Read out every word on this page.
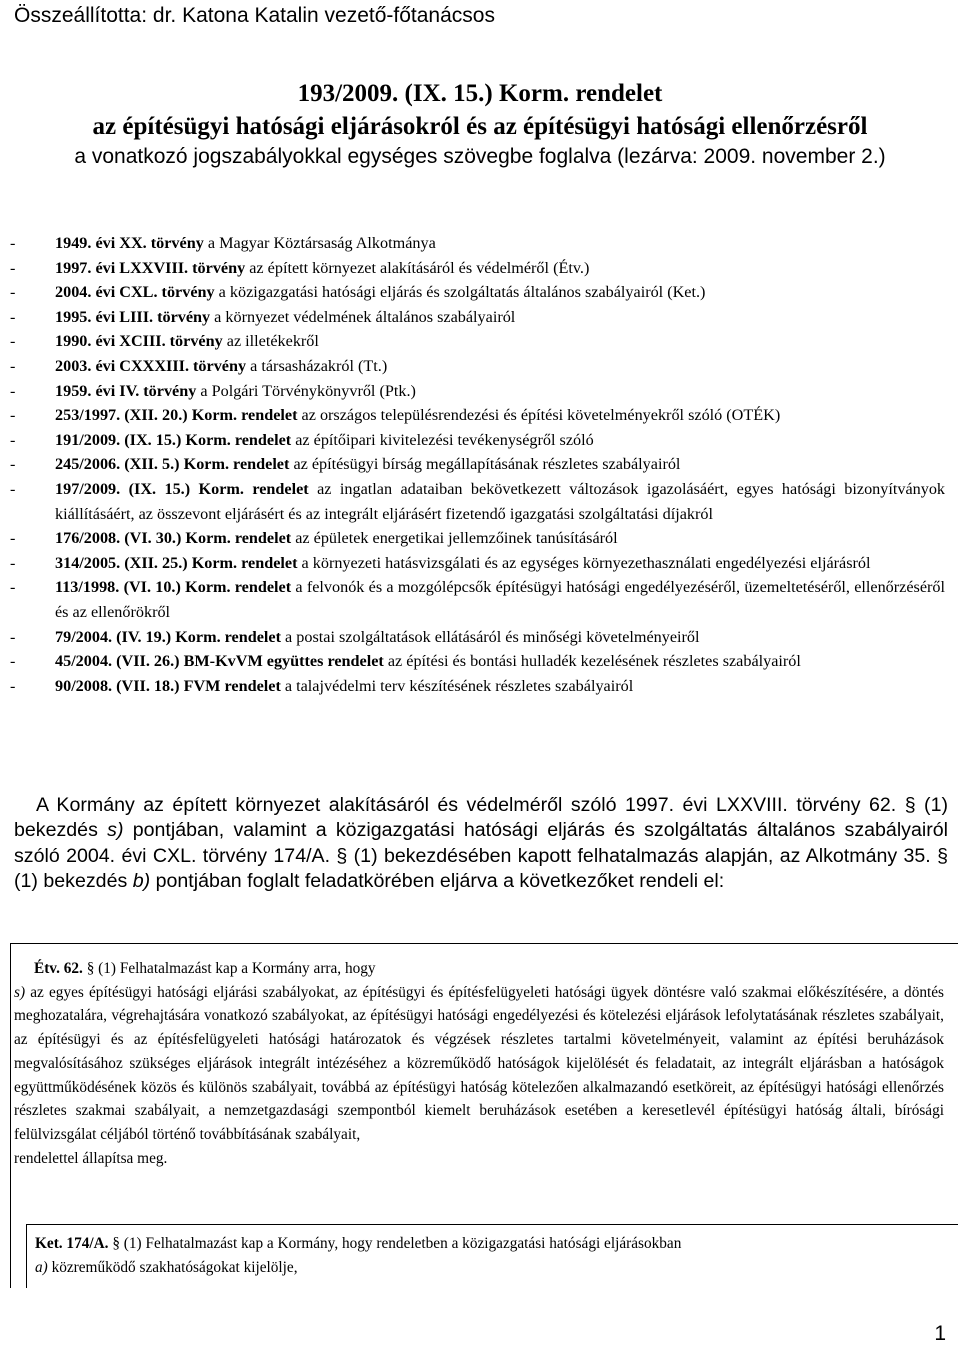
Összeállította: dr. Katona Katalin vezető-főtanácsos
193/2009. (IX. 15.) Korm. rendelet
az építésügyi hatósági eljárásokról és az építésügyi hatósági ellenőrzésről
a vonatkozó jogszabályokkal egységes szövegbe foglalva (lezárva: 2009. november 2.)
-	1949. évi XX. törvény a Magyar Köztársaság Alkotmánya
-	1997. évi LXXVIII. törvény az épített környezet alakításáról és védelméről (Étv.)
-	2004. évi CXL. törvény a közigazgatási hatósági eljárás és szolgáltatás általános szabályairól (Ket.)
-	1995. évi LIII. törvény a környezet védelmének általános szabályairól
-	1990. évi XCIII. törvény az illetékekről
-	2003. évi CXXXIII. törvény a társasházakról (Tt.)
-	1959. évi IV. törvény a Polgári Törvénykönyvről (Ptk.)
-	253/1997. (XII. 20.) Korm. rendelet az országos településrendezési és építési követelményekről szóló (OTÉK)
-	191/2009. (IX. 15.) Korm. rendelet az építőipari kivitelezési tevékenységről szóló
-	245/2006. (XII. 5.) Korm. rendelet az építésügyi bírság megállapításának részletes szabályairól
-	197/2009. (IX. 15.) Korm. rendelet az ingatlan adataiban bekövetkezett változások igazolásáért, egyes hatósági bizonyítványok kiállításáért, az összevont eljárásért és az integrált eljárásért fizetendő igazgatási szolgáltatási díjakról
-	176/2008. (VI. 30.) Korm. rendelet az épületek energetikai jellemzőinek tanúsításáról
-	314/2005. (XII. 25.) Korm. rendelet a környezeti hatásvizsgálati és az egységes környezethasználati engedélyezési eljárásról
-	113/1998. (VI. 10.) Korm. rendelet a felvonók és a mozgólépcsők építésügyi hatósági engedélyezéséről, üzemeltetéséről, ellenőrzéséről és az ellenőrökről
-	79/2004. (IV. 19.) Korm. rendelet a postai szolgáltatások ellátásáról és minőségi követelményeiről
-	45/2004. (VII. 26.) BM-KvVM együttes rendelet az építési és bontási hulladék kezelésének részletes szabályairól
-	90/2008. (VII. 18.) FVM rendelet a talajvédelmi terv készítésének részletes szabályairól

A Kormány az épített környezet alakításáról és védelméről szóló 1997. évi LXXVIII. törvény 62. § (1) bekezdés s) pontjában, valamint a közigazgatási hatósági eljárás és szolgáltatás általános szabályairól szóló 2004. évi CXL. törvény 174/A. § (1) bekezdésében kapott felhatalmazás alapján, az Alkotmány 35. § (1) bekezdés b) pontjában foglalt feladatkörében eljárva a következőket rendeli el:

Étv. 62. § (1) Felhatalmazást kap a Kormány arra, hogy

s) az egyes építésügyi hatósági eljárási szabályokat, az építésügyi és építésfelügyeleti hatósági ügyek döntésre való szakmai előkészítésére, a döntés meghozatalára, végrehajtására vonatkozó szabályokat, az építésügyi hatósági engedélyezési és kötelezési eljárások lefolytatásának részletes szabályait, az építésügyi és az építésfelügyeleti hatósági határozatok és végzések részletes tartalmi követelményeit, valamint az építési beruházások megvalósításához szükséges eljárások integrált intézéséhez a közreműködő hatóságok kijelölését és feladatait, az integrált eljárásban a hatóságok együttműködésének közös és különös szabályait, továbbá az építésügyi hatóság kötelezően alkalmazandó esetköreit, az építésügyi hatósági ellenőrzés részletes szakmai szabályait, a nemzetgazdasági szempontból kiemelt beruházások esetében a keresetlevél építésügyi hatóság általi, bírósági felülvizsgálat céljából történő továbbításának szabályait,

rendelettel állapítsa meg.

Ket. 174/A. § (1) Felhatalmazást kap a Kormány, hogy rendeletben a közigazgatási hatósági eljárásokban

a) közreműködő szakhatóságokat kijelölje,

1
